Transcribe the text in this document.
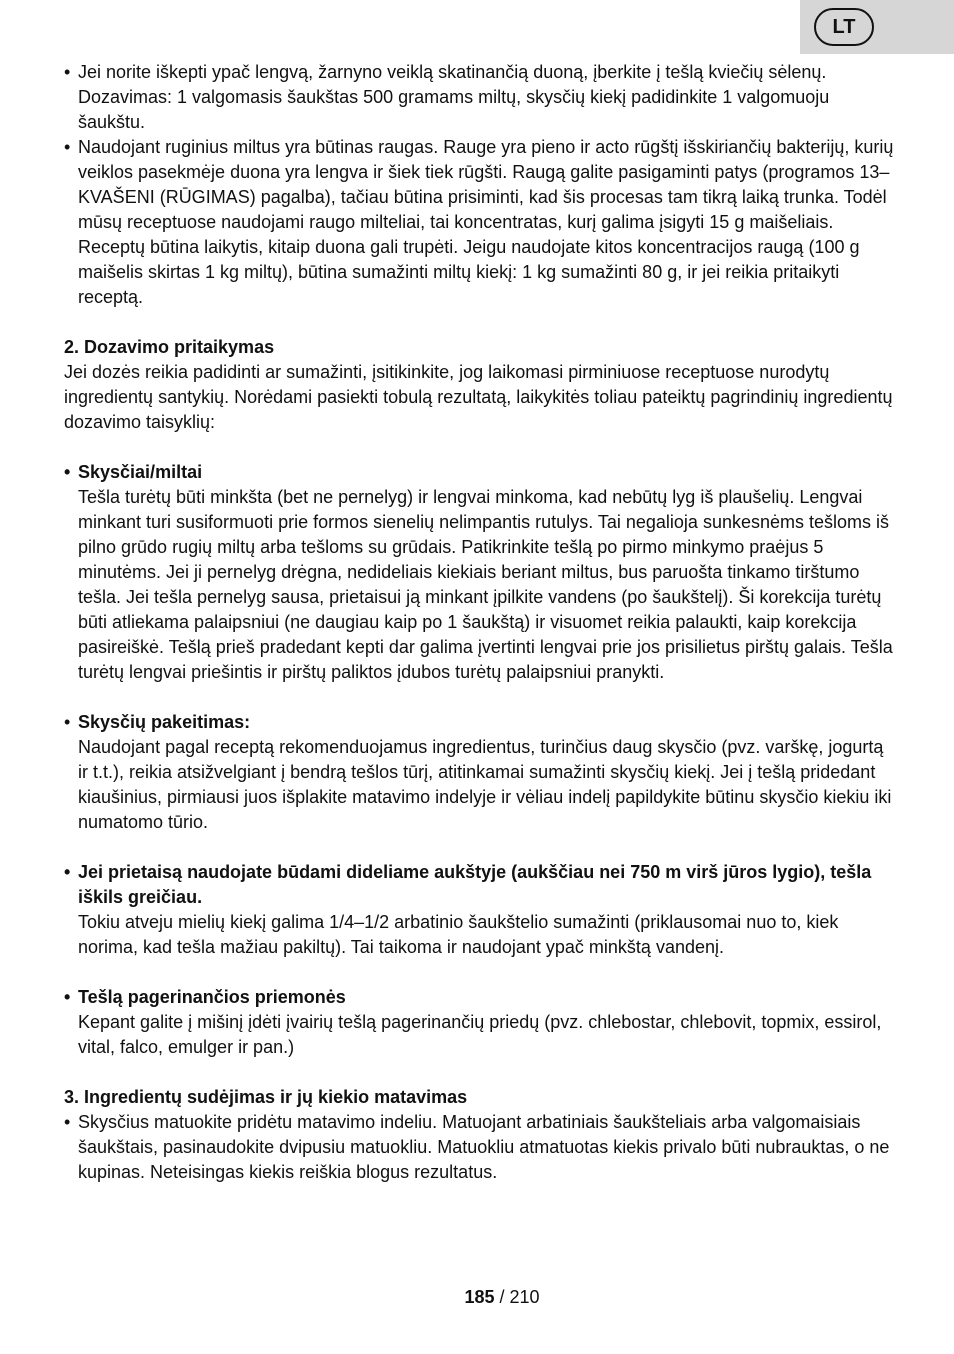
LT
• Jei norite iškepti ypač lengvą, žarnyno veiklą skatinančią duoną, įberkite į tešlą kviečių sėlenų. Dozavimas: 1 valgomasis šaukštas 500 gramams miltų, skysčių kiekį padidinkite 1 valgomuoju šaukštu.
• Naudojant ruginius miltus yra būtinas raugas. Rauge yra pieno ir acto rūgštį išskiriančių bakterijų, kurių veiklos pasekmėje duona yra lengva ir šiek tiek rūgšti. Raugą galite pasigaminti patys (programos 13–KVAŠENI (RŪGIMAS) pagalba), tačiau būtina prisiminti, kad šis procesas tam tikrą laiką trunka. Todėl mūsų receptuose naudojami raugo milteliai, tai koncentratas, kurį galima įsigyti 15 g maišeliais. Receptų būtina laikytis, kitaip duona gali trupėti. Jeigu naudojate kitos koncentracijos raugą (100 g maišelis skirtas 1 kg miltų), būtina sumažinti miltų kiekį: 1 kg sumažinti 80 g, ir jei reikia pritaikyti receptą.
2. Dozavimo pritaikymas
Jei dozės reikia padidinti ar sumažinti, įsitikinkite, jog laikomasi pirminiuose receptuose nurodytų ingredientų santykių. Norėdami pasiekti tobulą rezultatą, laikykitės toliau pateiktų pagrindinių ingredientų dozavimo taisyklių:
• Skysčiai/miltai
Tešla turėtų būti minkšta (bet ne pernelyg) ir lengvai minkoma, kad nebūtų lyg iš plaušelių. Lengvai minkant turi susiformuoti prie formos sienelių nelimpantis rutulys. Tai negalioja sunkesnėms tešloms iš pilno grūdo rugių miltų arba tešloms su grūdais. Patikrinkite tešlą po pirmo minkymo praėjus 5 minutėms. Jei ji pernelyg drėgna, nedideliais kiekiais beriant miltus, bus paruošta tinkamo tirštumo tešla. Jei tešla pernelyg sausa, prietaisui ją minkant įpilkite vandens (po šaukštelį). Ši korekcija turėtų būti atliekama palaipsniui (ne daugiau kaip po 1 šaukštą) ir visuomet reikia palaukti, kaip korekcija pasireiškė. Tešlą prieš pradedant kepti dar galima įvertinti lengvai prie jos prisilietus pirštų galais. Tešla turėtų lengvai priešintis ir pirštų paliktos įdubos turėtų palaipsniui pranykti.
• Skysčių pakeitimas:
Naudojant pagal receptą rekomenduojamus ingredientus, turinčius daug skysčio (pvz. varškę, jogurtą ir t.t.), reikia atsižvelgiant į bendrą tešlos tūrį, atitinkamai sumažinti skysčių kiekį. Jei į tešlą pridedant kiaušinius, pirmiausi juos išplakite matavimo indelyje ir vėliau indelį papildykite būtinu skysčio kiekiu iki numatomo tūrio.
• Jei prietaisą naudojate būdami dideliame aukštyje (aukščiau nei 750 m virš jūros lygio), tešla iškils greičiau.
Tokiu atveju mielių kiekį galima 1/4–1/2 arbatinio šaukštelio sumažinti (priklausomai nuo to, kiek norima, kad tešla mažiau pakiltų). Tai taikoma ir naudojant ypač minkštą vandenį.
• Tešlą pagerinančios priemonės
Kepant galite į mišinį įdėti įvairių tešlą pagerinančių priedų (pvz. chlebostar, chlebovit, topmix, essirol, vital, falco, emulger ir pan.)
3. Ingredientų sudėjimas ir jų kiekio matavimas
• Skysčius matuokite pridėtu matavimo indeliu. Matuojant arbatiniais šaukšteliais arba valgomaisiais šaukštais, pasinaudokite dvipusiu matuokliu. Matuokliu atmatuotas kiekis privalo būti nubrauktas, o ne kupinas. Neteisingas kiekis reiškia blogus rezultatus.
185 / 210
